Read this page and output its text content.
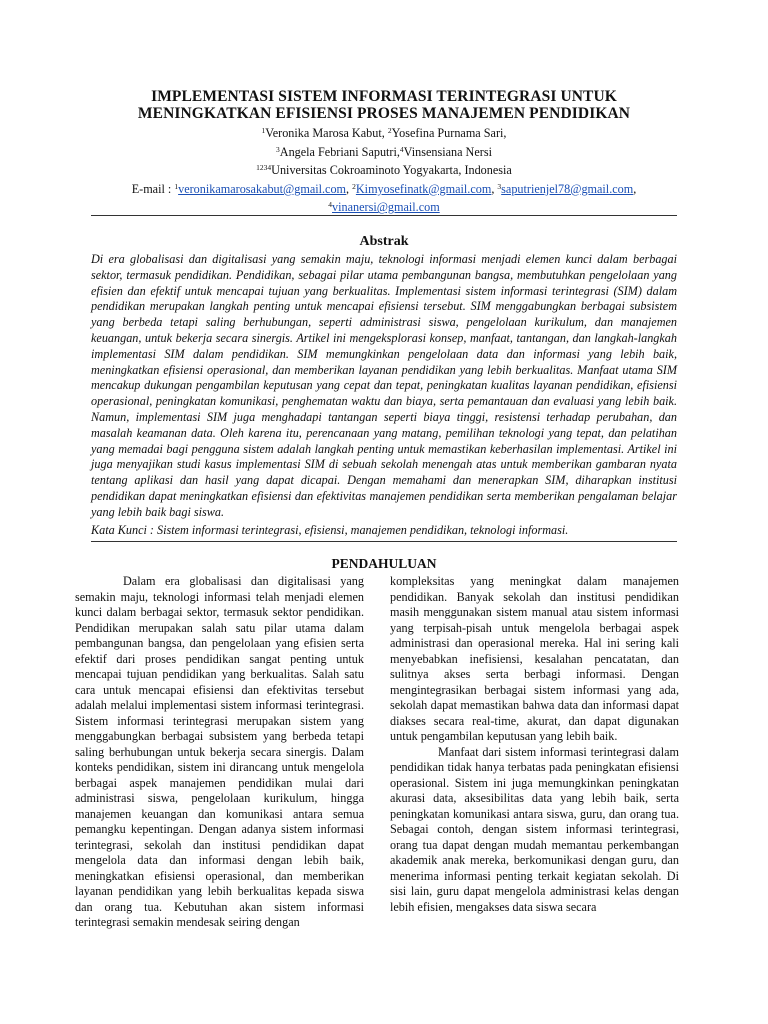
IMPLEMENTASI SISTEM INFORMASI TERINTEGRASI UNTUK
MENINGKATKAN EFISIENSI PROSES MANAJEMEN PENDIDIKAN
$^1$Veronika Marosa Kabut, $^2$Yosefina Purnama Sari,
$^3$Angela Febriani Saputri,$^4$Vinsensiana Nersi
$^{1234}$Universitas Cokroaminoto Yogyakarta, Indonesia
E-mail : $^1$veronikamarosakabut@gmail.com, $^2$Kimyosefinatk@gmail.com, $^3$saputrienjel78@gmail.com,
$^4$vinanersi@gmail.com
Abstrak
Di era globalisasi dan digitalisasi yang semakin maju, teknologi informasi menjadi elemen kunci dalam berbagai sektor, termasuk pendidikan. Pendidikan, sebagai pilar utama pembangunan bangsa, membutuhkan pengelolaan yang efisien dan efektif untuk mencapai tujuan yang berkualitas. Implementasi sistem informasi terintegrasi (SIM) dalam pendidikan merupakan langkah penting untuk mencapai efisiensi tersebut. SIM menggabungkan berbagai subsistem yang berbeda tetapi saling berhubungan, seperti administrasi siswa, pengelolaan kurikulum, dan manajemen keuangan, untuk bekerja secara sinergis. Artikel ini mengeksplorasi konsep, manfaat, tantangan, dan langkah-langkah implementasi SIM dalam pendidikan. SIM memungkinkan pengelolaan data dan informasi yang lebih baik, meningkatkan efisiensi operasional, dan memberikan layanan pendidikan yang lebih berkualitas. Manfaat utama SIM mencakup dukungan pengambilan keputusan yang cepat dan tepat, peningkatan kualitas layanan pendidikan, efisiensi operasional, peningkatan komunikasi, penghematan waktu dan biaya, serta pemantauan dan evaluasi yang lebih baik. Namun, implementasi SIM juga menghadapi tantangan seperti biaya tinggi, resistensi terhadap perubahan, dan masalah keamanan data. Oleh karena itu, perencanaan yang matang, pemilihan teknologi yang tepat, dan pelatihan yang memadai bagi pengguna sistem adalah langkah penting untuk memastikan keberhasilan implementasi. Artikel ini juga menyajikan studi kasus implementasi SIM di sebuah sekolah menengah atas untuk memberikan gambaran nyata tentang aplikasi dan hasil yang dapat dicapai. Dengan memahami dan menerapkan SIM, diharapkan institusi pendidikan dapat meningkatkan efisiensi dan efektivitas manajemen pendidikan serta memberikan pengalaman belajar yang lebih baik bagi siswa.
Kata Kunci : Sistem informasi terintegrasi, efisiensi, manajemen pendidikan, teknologi informasi.
PENDAHULUAN

Dalam era globalisasi dan digitalisasi yang semakin maju, teknologi informasi telah menjadi elemen kunci dalam berbagai sektor, termasuk sektor pendidikan. Pendidikan merupakan salah satu pilar utama dalam pembangunan bangsa, dan pengelolaan yang efisien serta efektif dari proses pendidikan sangat penting untuk mencapai tujuan pendidikan yang berkualitas. Salah satu cara untuk mencapai efisiensi dan efektivitas tersebut adalah melalui implementasi sistem informasi terintegrasi. Sistem informasi terintegrasi merupakan sistem yang menggabungkan berbagai subsistem yang berbeda tetapi saling berhubungan untuk bekerja secara sinergis. Dalam konteks pendidikan, sistem ini dirancang untuk mengelola berbagai aspek manajemen pendidikan mulai dari administrasi siswa, pengelolaan kurikulum, hingga manajemen keuangan dan komunikasi antara semua pemangku kepentingan. Dengan adanya sistem informasi terintegrasi, sekolah dan institusi pendidikan dapat mengelola data dan informasi dengan lebih baik, meningkatkan efisiensi operasional, dan memberikan layanan pendidikan yang lebih berkualitas kepada siswa dan orang tua. Kebutuhan akan sistem informasi terintegrasi semakin mendesak seiring dengan

kompleksitas yang meningkat dalam manajemen pendidikan. Banyak sekolah dan institusi pendidikan masih menggunakan sistem manual atau sistem informasi yang terpisah-pisah untuk mengelola berbagai aspek administrasi dan operasional mereka. Hal ini sering kali menyebabkan inefisiensi, kesalahan pencatatan, dan sulitnya akses serta berbagi informasi. Dengan mengintegrasikan berbagai sistem informasi yang ada, sekolah dapat memastikan bahwa data dan informasi dapat diakses secara real-time, akurat, dan dapat digunakan untuk pengambilan keputusan yang lebih baik.

Manfaat dari sistem informasi terintegrasi dalam pendidikan tidak hanya terbatas pada peningkatan efisiensi operasional. Sistem ini juga memungkinkan peningkatan akurasi data, aksesibilitas data yang lebih baik, serta peningkatan komunikasi antara siswa, guru, dan orang tua. Sebagai contoh, dengan sistem informasi terintegrasi, orang tua dapat dengan mudah memantau perkembangan akademik anak mereka, berkomunikasi dengan guru, dan menerima informasi penting terkait kegiatan sekolah. Di sisi lain, guru dapat mengelola administrasi kelas dengan lebih efisien, mengakses data siswa secara
